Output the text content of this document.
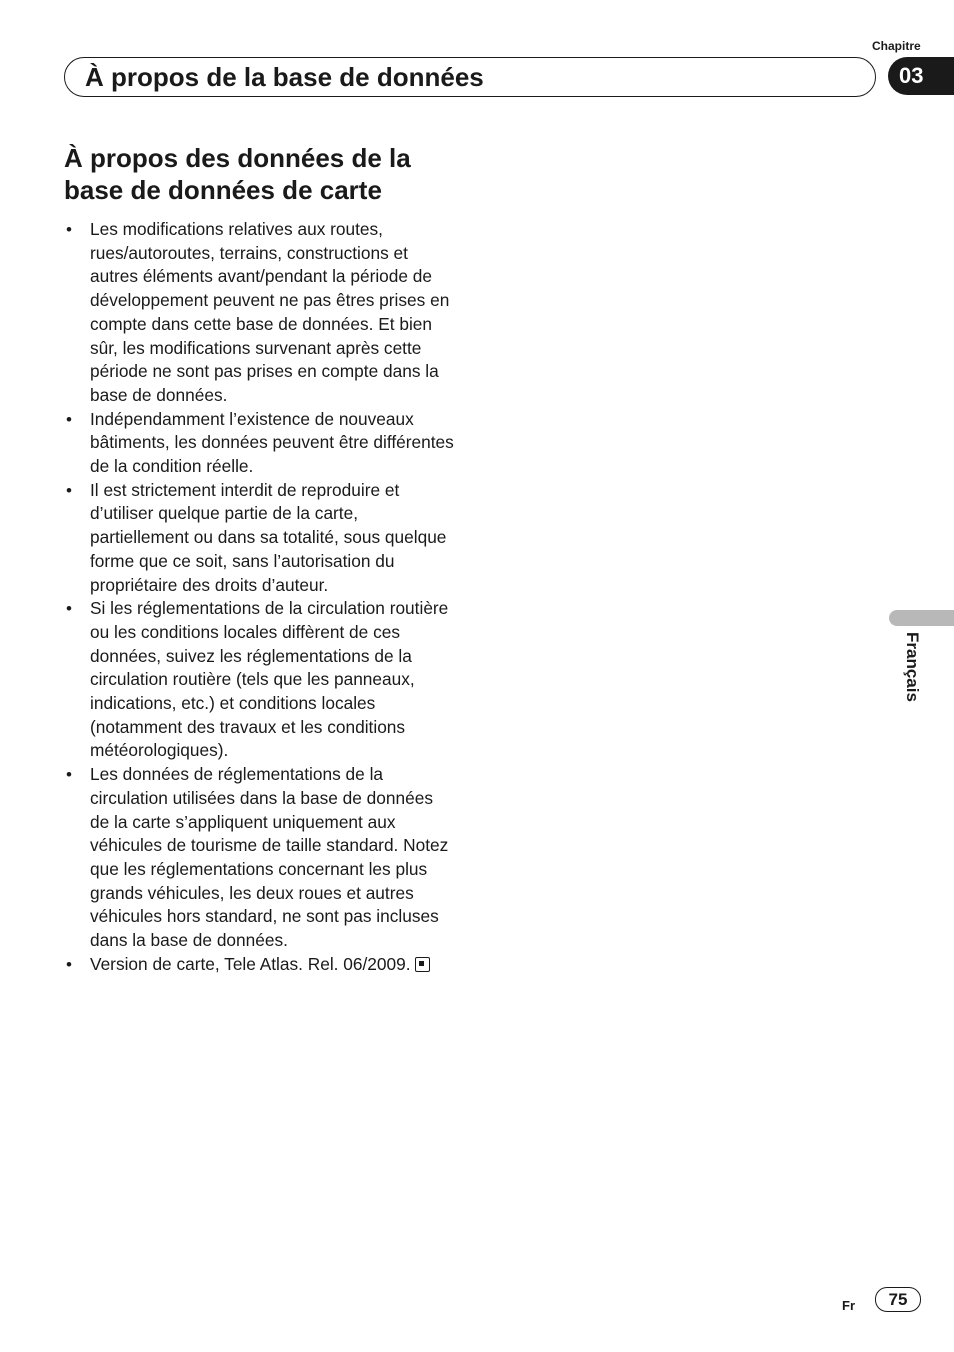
Chapitre
03
À propos de la base de données
À propos des données de la base de données de carte
• Les modifications relatives aux routes, rues/autoroutes, terrains, constructions et autres éléments avant/pendant la période de développement peuvent ne pas êtres prises en compte dans cette base de données. Et bien sûr, les modifications survenant après cette période ne sont pas prises en compte dans la base de données.
• Indépendamment l’existence de nouveaux bâtiments, les données peuvent être différentes de la condition réelle.
• Il est strictement interdit de reproduire et d’utiliser quelque partie de la carte, partiellement ou dans sa totalité, sous quelque forme que ce soit, sans l’autorisation du propriétaire des droits d’auteur.
• Si les réglementations de la circulation routière ou les conditions locales diffèrent de ces données, suivez les réglementations de la circulation routière (tels que les panneaux, indications, etc.) et conditions locales (notamment des travaux et les conditions météorologiques).
• Les données de réglementations de la circulation utilisées dans la base de données de la carte s’appliquent uniquement aux véhicules de tourisme de taille standard. Notez que les réglementations concernant les plus grands véhicules, les deux roues et autres véhicules hors standard, ne sont pas incluses dans la base de données.
• Version de carte, Tele Atlas. Rel. 06/2009.
Français
Fr	75
